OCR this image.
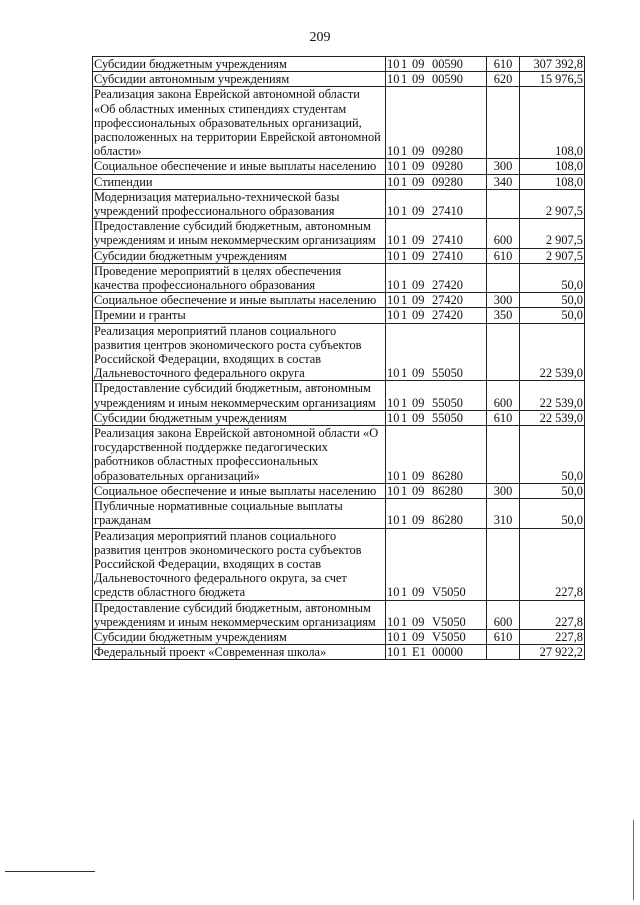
209
Субсидии бюджетным учреждениям	10 1 09 00590	610	307 392,8
Субсидии автономным учреждениям	10 1 09 00590	620	15 976,5
Реализация закона Еврейской автономной области «Об областных именных стипендиях студентам профессиональных образовательных организаций, расположенных на территории Еврейской автономной области»	10 1 09 09280		108,0
Социальное обеспечение и иные выплаты населению	10 1 09 09280	300	108,0
Стипендии	10 1 09 09280	340	108,0
Модернизация материально-технической базы учреждений профессионального образования	10 1 09 27410		2 907,5
Предоставление субсидий бюджетным, автономным учреждениям и иным некоммерческим организациям	10 1 09 27410	600	2 907,5
Субсидии бюджетным учреждениям	10 1 09 27410	610	2 907,5
Проведение мероприятий в целях обеспечения качества профессионального образования	10 1 09 27420		50,0
Социальное обеспечение и иные выплаты населению	10 1 09 27420	300	50,0
Премии и гранты	10 1 09 27420	350	50,0
Реализация мероприятий планов социального развития центров экономического роста субъектов Российской Федерации, входящих в состав Дальневосточного федерального округа	10 1 09 55050		22 539,0
Предоставление субсидий бюджетным, автономным учреждениям и иным некоммерческим организациям	10 1 09 55050	600	22 539,0
Субсидии бюджетным учреждениям	10 1 09 55050	610	22 539,0
Реализация закона Еврейской автономной области «О государственной поддержке педагогических работников областных профессиональных образовательных организаций»	10 1 09 86280		50,0
Социальное обеспечение и иные выплаты населению	10 1 09 86280	300	50,0
Публичные нормативные социальные выплаты гражданам	10 1 09 86280	310	50,0
Реализация мероприятий планов социального развития центров экономического роста субъектов Российской Федерации, входящих в состав Дальневосточного федерального округа, за счет средств областного бюджета	10 1 09 V5050		227,8
Предоставление субсидий бюджетным, автономным учреждениям и иным некоммерческим организациям	10 1 09 V5050	600	227,8
Субсидии бюджетным учреждениям	10 1 09 V5050	610	227,8
Федеральный проект «Современная школа»	10 1 E1 00000		27 922,2
